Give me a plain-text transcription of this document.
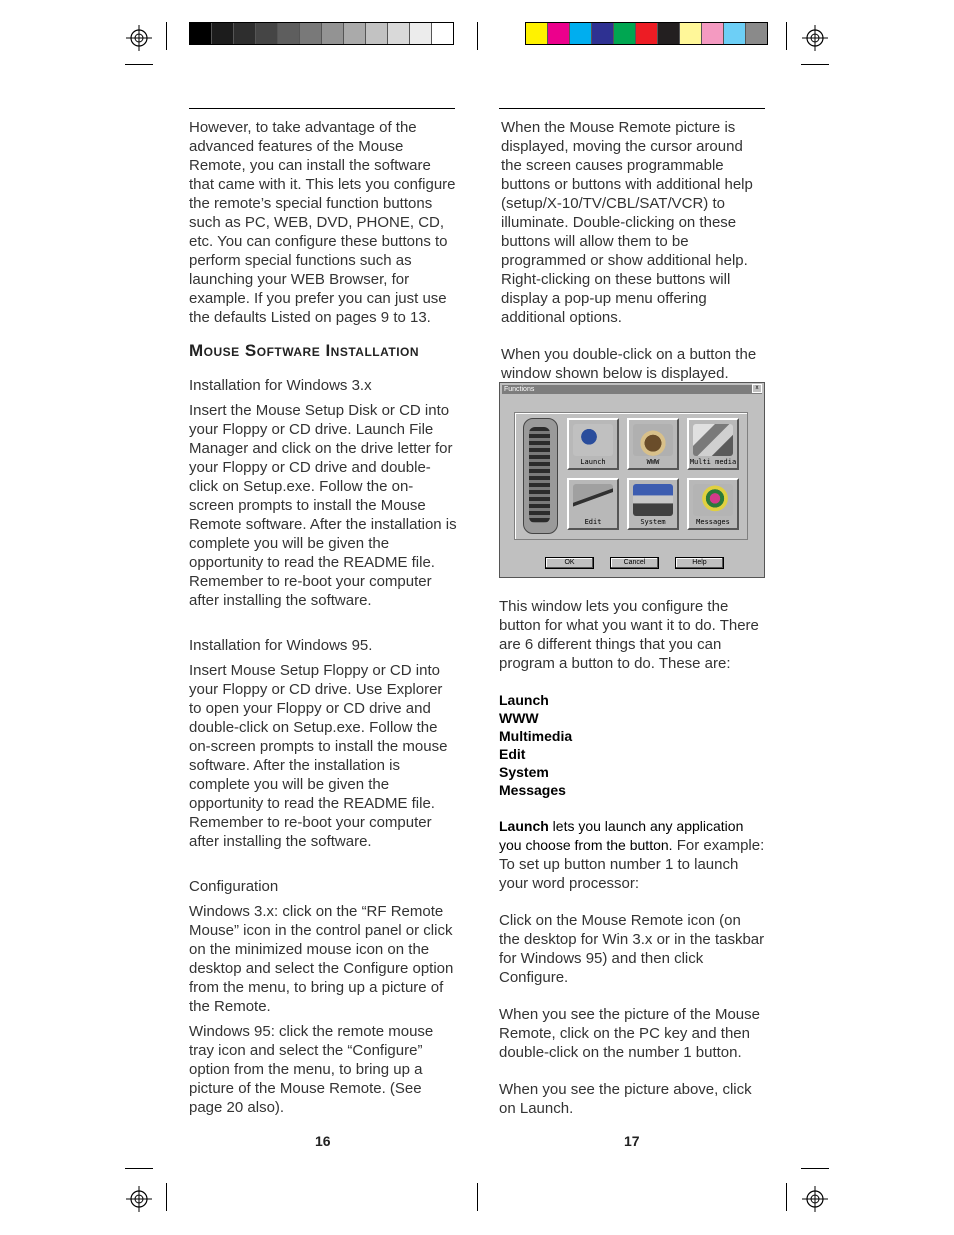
However, to take advantage of the advanced features of the Mouse Remote, you can install the software that came with it. This lets you configure the remote’s special function buttons such as PC, WEB, DVD, PHONE, CD, etc. You can configure these buttons to perform special functions such as launching your WEB Browser, for example. If you prefer you can just use the defaults Listed on pages 9 to 13.

Mouse Software Installation

Installation for Windows 3.x

Insert the Mouse Setup Disk or CD into your Floppy or CD drive. Launch File Manager and click on the drive letter for your Floppy or CD drive and double-click on Setup.exe. Follow the on-screen prompts to install the Mouse Remote software. After the installation is complete you will be given the opportunity to read the README file. Remember to re-boot your computer after installing the software.

Installation for Windows 95.

Insert Mouse Setup Floppy or CD into your Floppy or CD drive. Use Explorer to open your Floppy or CD drive and double-click on Setup.exe. Follow the on-screen prompts to install the mouse software. After the installation is complete you will be given the opportunity to read the README file. Remember to re-boot your computer after installing the software.

Configuration

Windows 3.x: click on the “RF Remote Mouse” icon in the control panel or click on the minimized mouse icon on the desktop and select the Configure option from the menu, to bring up a picture of the Remote.

Windows 95: click the remote mouse tray icon and select the “Configure” option from the menu, to bring up a picture of the Mouse Remote. (See page 20 also).

16

When the Mouse Remote picture is displayed, moving the cursor around the screen causes programmable buttons or buttons with additional help (setup/X-10/TV/CBL/SAT/VCR) to illuminate. Double-clicking on these buttons will allow them to be programmed or show additional help. Right-clicking on these buttons will display a pop-up menu offering additional options.

When you double-click on a button the window shown below is displayed.

Functions	x
Launch	WWW	Multi media
Edit	System	Messages
OK	Cancel	Help

This window lets you configure the button for what you want it to do. There are 6 different things that you can program a button to do. These are:

Launch
WWW
Multimedia
Edit
System
Messages

Launch lets you launch any application you choose from the button. For example: To set up button number 1 to launch your word processor:

Click on the Mouse Remote icon (on the desktop for Win 3.x or in the taskbar for Windows 95) and then click Configure.

When you see the picture of the Mouse Remote, click on the PC key and then double-click on the number 1 button.

When you see the picture above, click on Launch.

17
